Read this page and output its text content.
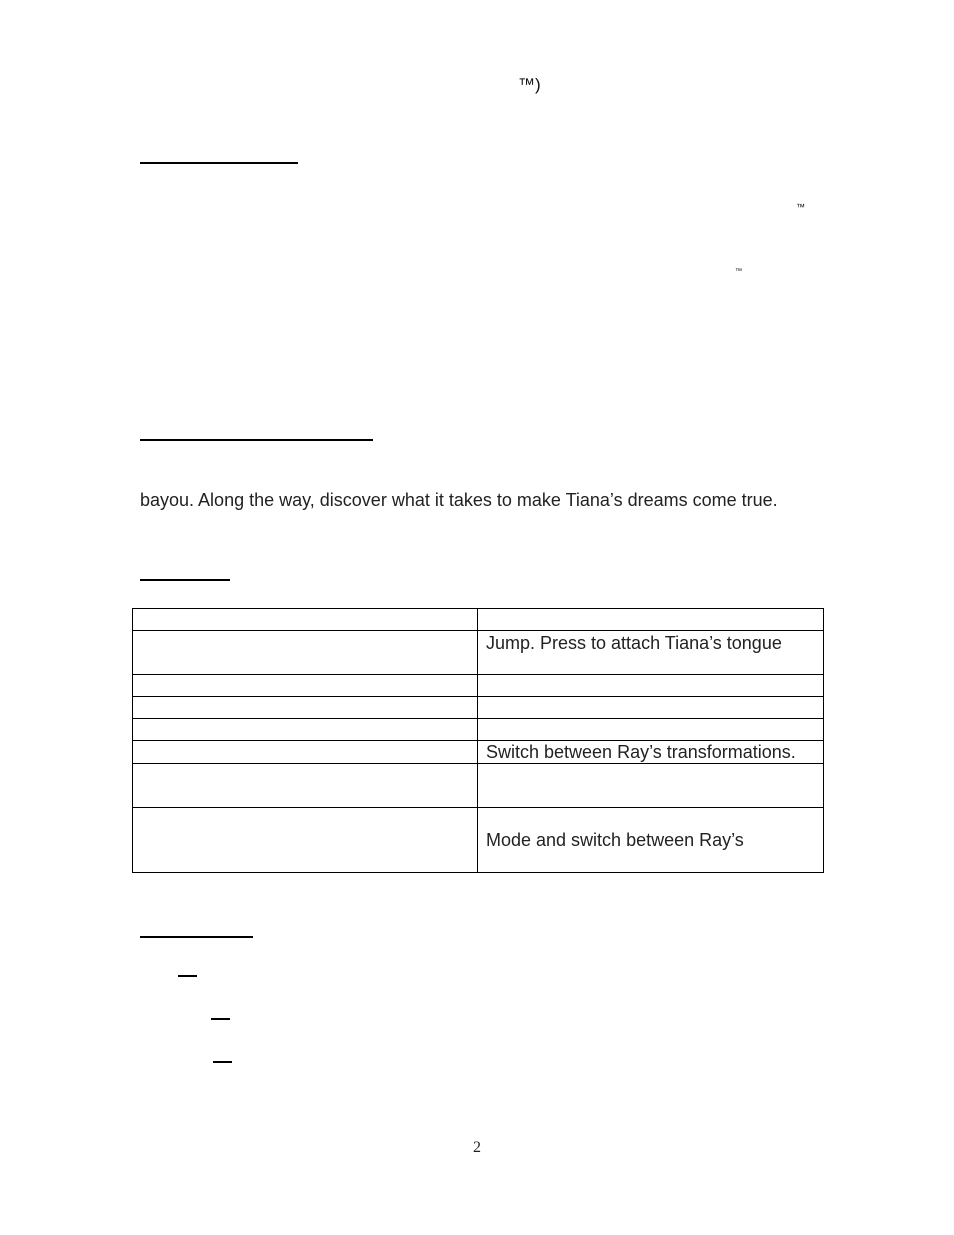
™)
™
™
bayou. Along the way, discover what it takes to make Tiana’s dreams come true.

	Jump. Press to attach Tiana’s tongue

	Switch between Ray’s transformations.

	Mode and switch between Ray’s
2
